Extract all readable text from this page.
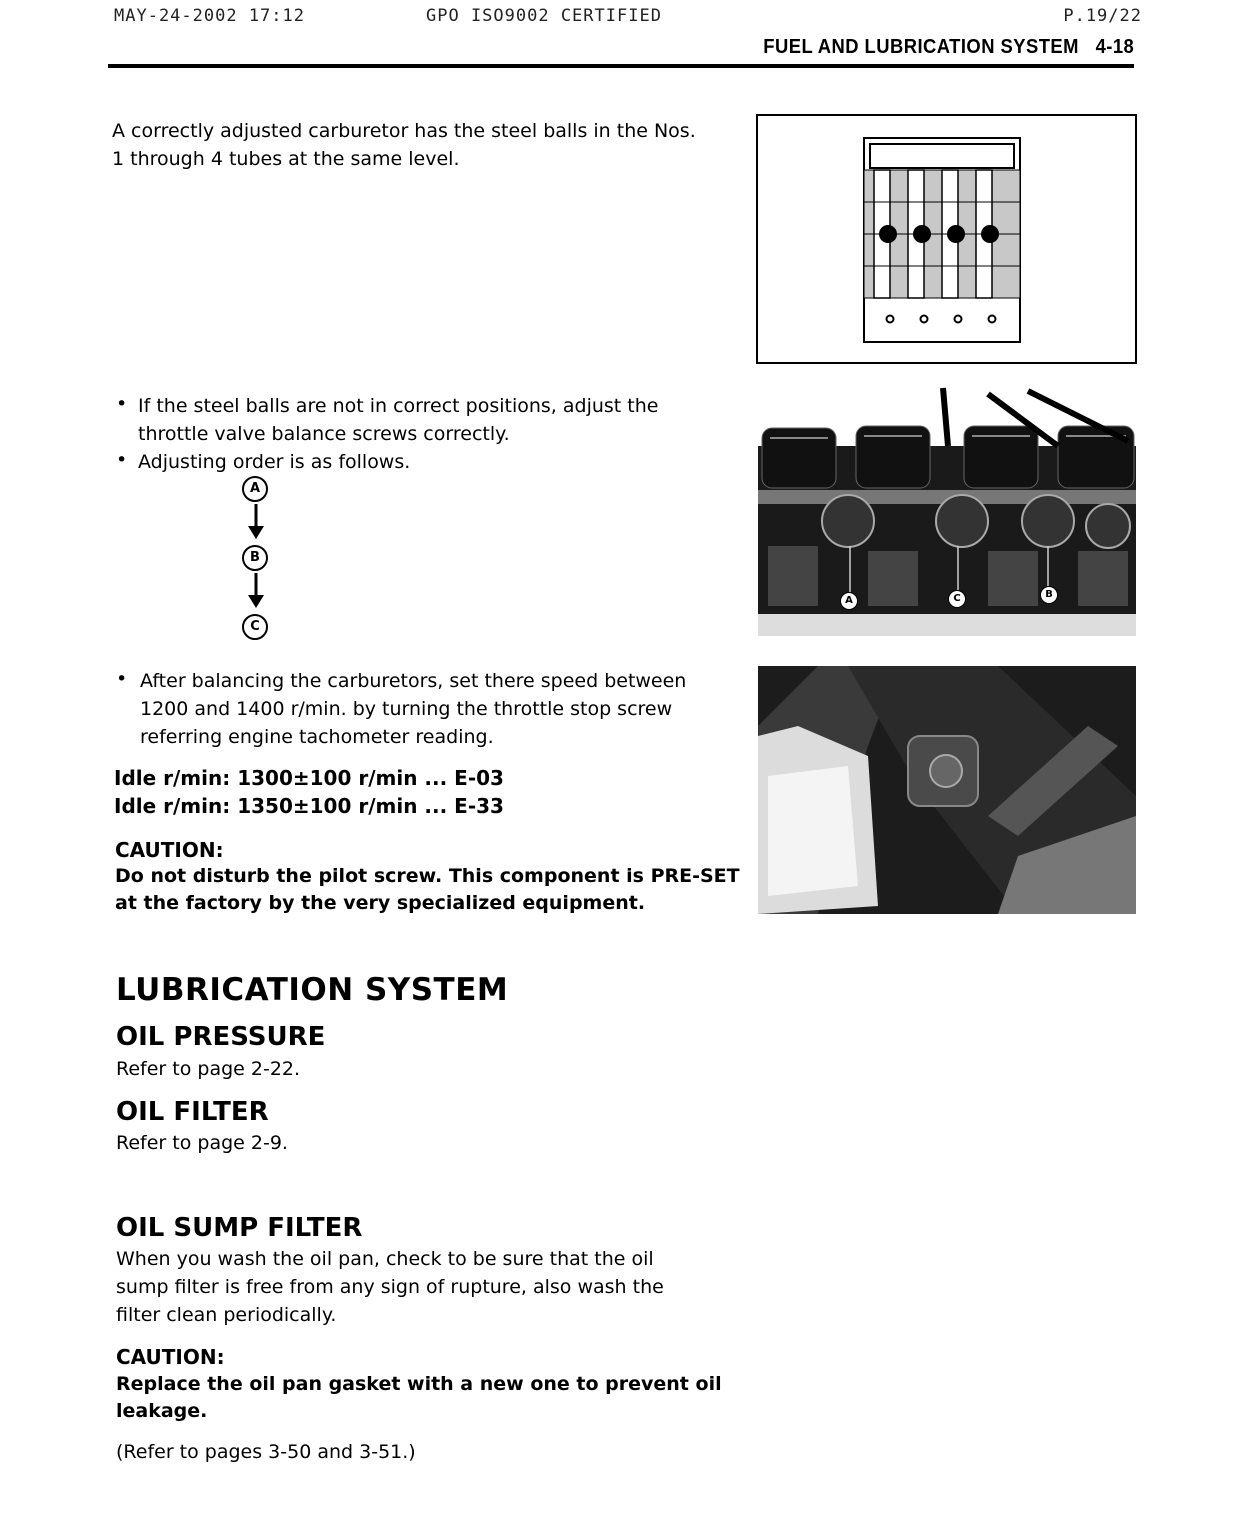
MAY-24-2002 17:12	GPO ISO9002 CERTIFIED	P.19/22
FUEL AND LUBRICATION SYSTEM 4-18
A correctly adjusted carburetor has the steel balls in the Nos.
1 through 4 tubes at the same level.
• If the steel balls are not in correct positions, adjust the
throttle valve balance screws correctly.
• Adjusting order is as follows.
A
B
C
A	C	B
• After balancing the carburetors, set there speed between
1200 and 1400 r/min. by turning the throttle stop screw
referring engine tachometer reading.
Idle r/min: 1300±100 r/min ... E-03
Idle r/min: 1350±100 r/min ... E-33
CAUTION:
Do not disturb the pilot screw. This component is PRE-SET
at the factory by the very specialized equipment.
LUBRICATION SYSTEM
OIL PRESSURE
Refer to page 2-22.
OIL FILTER
Refer to page 2-9.
OIL SUMP FILTER
When you wash the oil pan, check to be sure that the oil
sump filter is free from any sign of rupture, also wash the
filter clean periodically.
CAUTION:
Replace the oil pan gasket with a new one to prevent oil
leakage.
(Refer to pages 3-50 and 3-51.)
